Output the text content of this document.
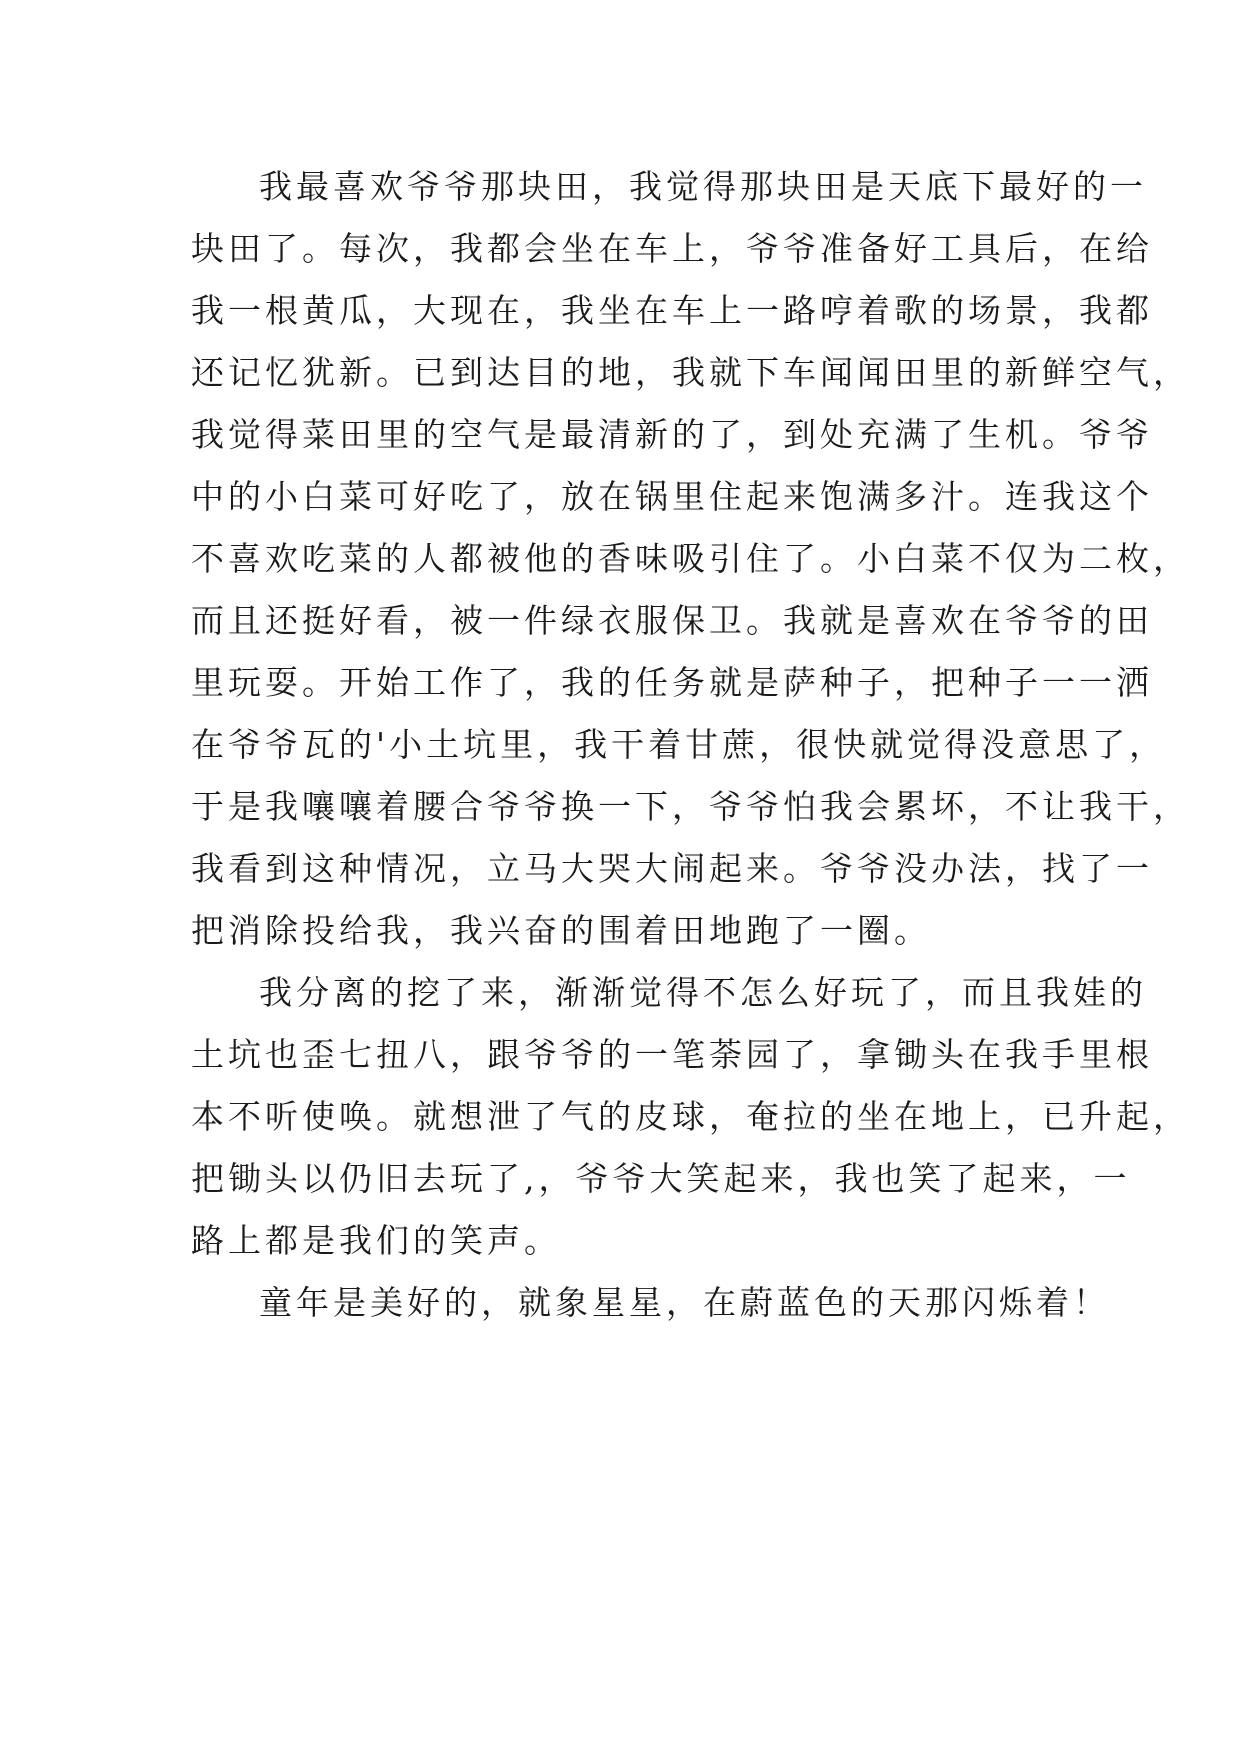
我最喜欢爷爷那块田，我觉得那块田是天底下最好的一
块田了。每次，我都会坐在车上，爷爷准备好工具后，在给
我一根黄瓜，大现在，我坐在车上一路哼着歌的场景，我都
还记忆犹新。已到达目的地，我就下车闻闻田里的新鲜空气，
我觉得菜田里的空气是最清新的了，到处充满了生机。爷爷
中的小白菜可好吃了，放在锅里住起来饱满多汁。连我这个
不喜欢吃菜的人都被他的香味吸引住了。小白菜不仅为二枚，
而且还挺好看，被一件绿衣服保卫。我就是喜欢在爷爷的田
里玩耍。开始工作了，我的任务就是萨种子，把种子一一洒
在爷爷瓦的'小土坑里，我干着甘蔗，很快就觉得没意思了，
于是我嚷嚷着腰合爷爷换一下，爷爷怕我会累坏，不让我干，
我看到这种情况，立马大哭大闹起来。爷爷没办法，找了一
把消除投给我，我兴奋的围着田地跑了一圈。
我分离的挖了来，渐渐觉得不怎么好玩了，而且我娃的
土坑也歪七扭八，跟爷爷的一笔荼园了，拿锄头在我手里根
本不听使唤。就想泄了气的皮球，奄拉的坐在地上，已升起，
把锄头以仍旧去玩了,，爷爷大笑起来，我也笑了起来，一
路上都是我们的笑声。
童年是美好的，就象星星，在蔚蓝色的天那闪烁着！
